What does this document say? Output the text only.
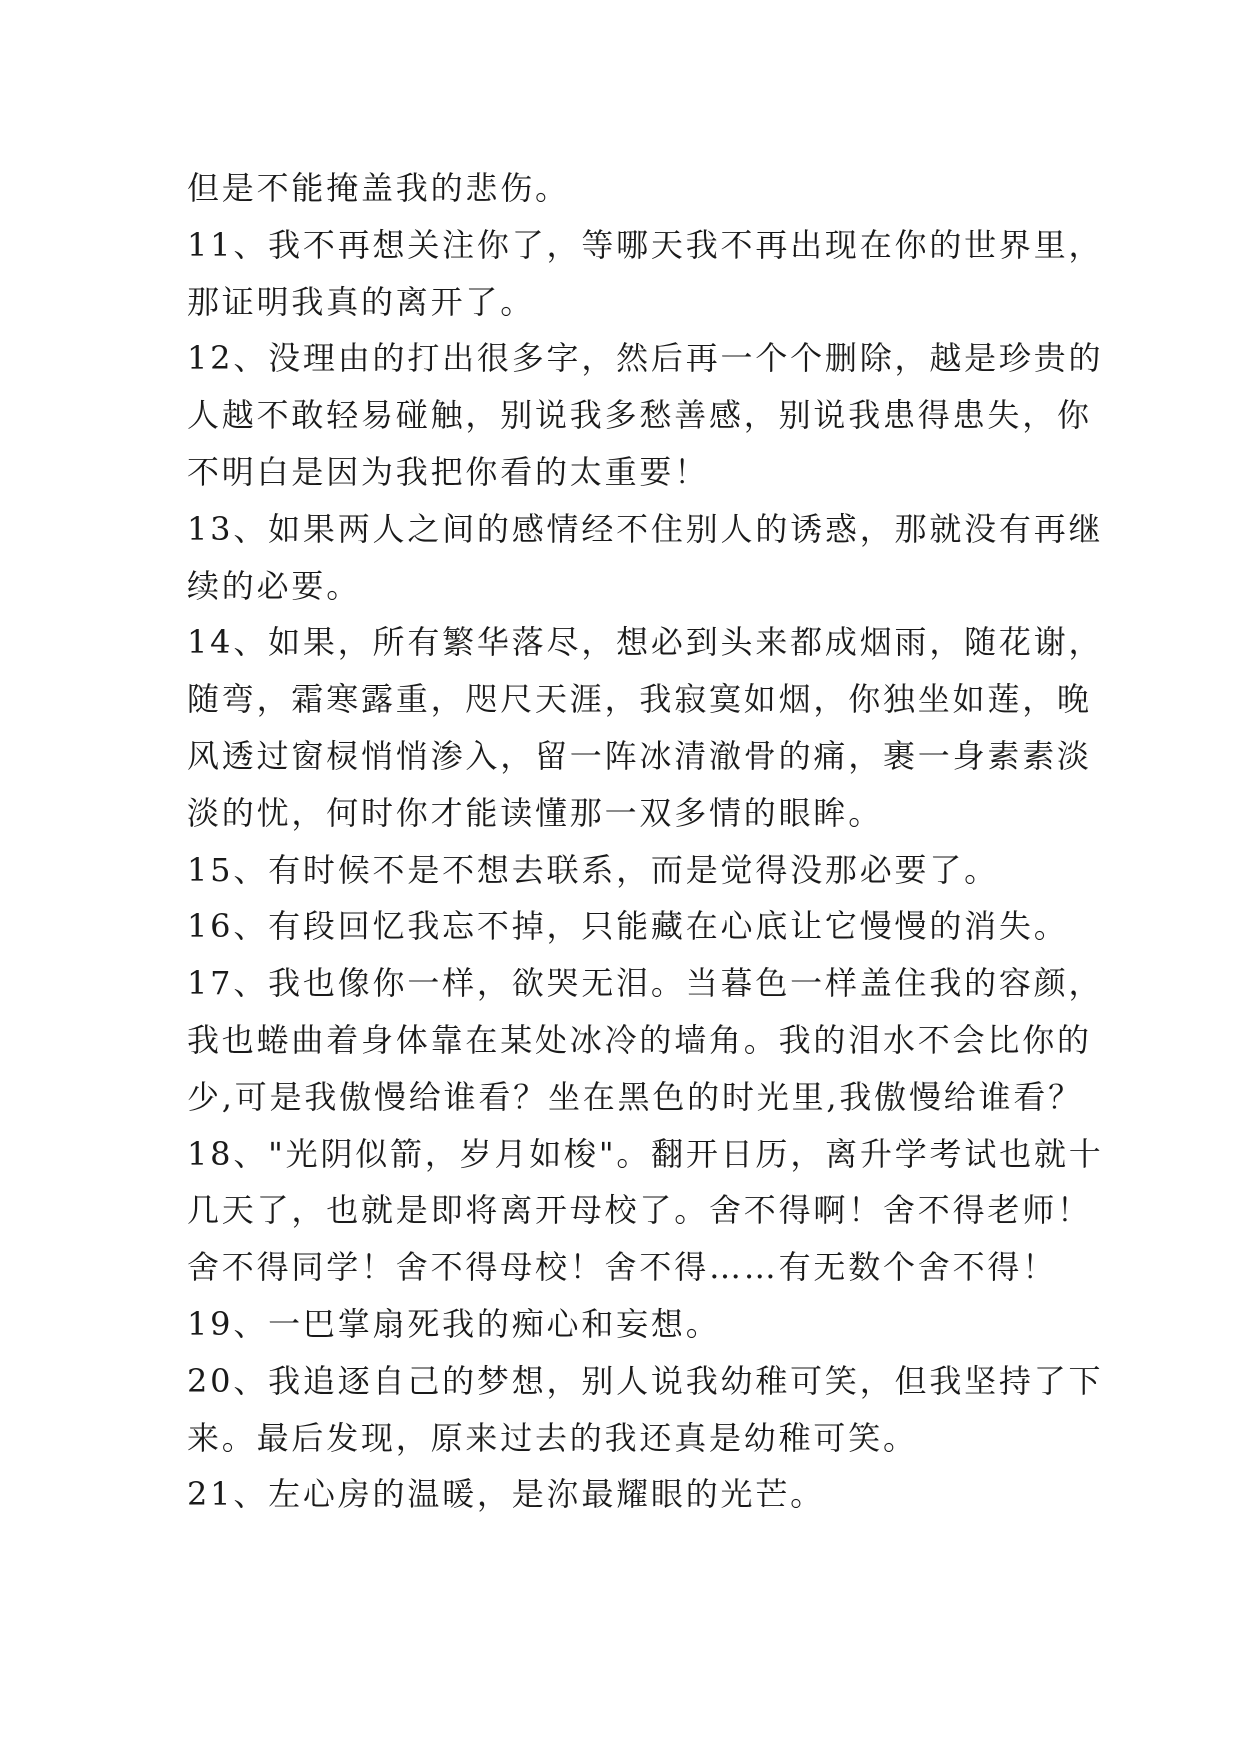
但是不能掩盖我的悲伤。
11、我不再想关注你了，等哪天我不再出现在你的世界里，
那证明我真的离开了。
12、没理由的打出很多字，然后再一个个删除，越是珍贵的
人越不敢轻易碰触，别说我多愁善感，别说我患得患失，你
不明白是因为我把你看的太重要！
13、如果两人之间的感情经不住别人的诱惑，那就没有再继
续的必要。
14、如果，所有繁华落尽，想必到头来都成烟雨，随花谢，
随弯，霜寒露重，咫尺天涯，我寂寞如烟，你独坐如莲，晚
风透过窗棂悄悄渗入，留一阵冰清澈骨的痛，裹一身素素淡
淡的忧，何时你才能读懂那一双多情的眼眸。
15、有时候不是不想去联系，而是觉得没那必要了。
16、有段回忆我忘不掉，只能藏在心底让它慢慢的消失。
17、我也像你一样，欲哭无泪。当暮色一样盖住我的容颜，
我也蜷曲着身体靠在某处冰冷的墙角。我的泪水不会比你的
少,可是我傲慢给谁看？坐在黑色的时光里,我傲慢给谁看？
18、"光阴似箭，岁月如梭"。翻开日历，离升学考试也就十
几天了，也就是即将离开母校了。舍不得啊！舍不得老师！
舍不得同学！舍不得母校！舍不得……有无数个舍不得！
19、一巴掌扇死我的痴心和妄想。
20、我追逐自己的梦想，别人说我幼稚可笑，但我坚持了下
来。最后发现，原来过去的我还真是幼稚可笑。
21、左心房的温暖，是沵最耀眼的光芒。
